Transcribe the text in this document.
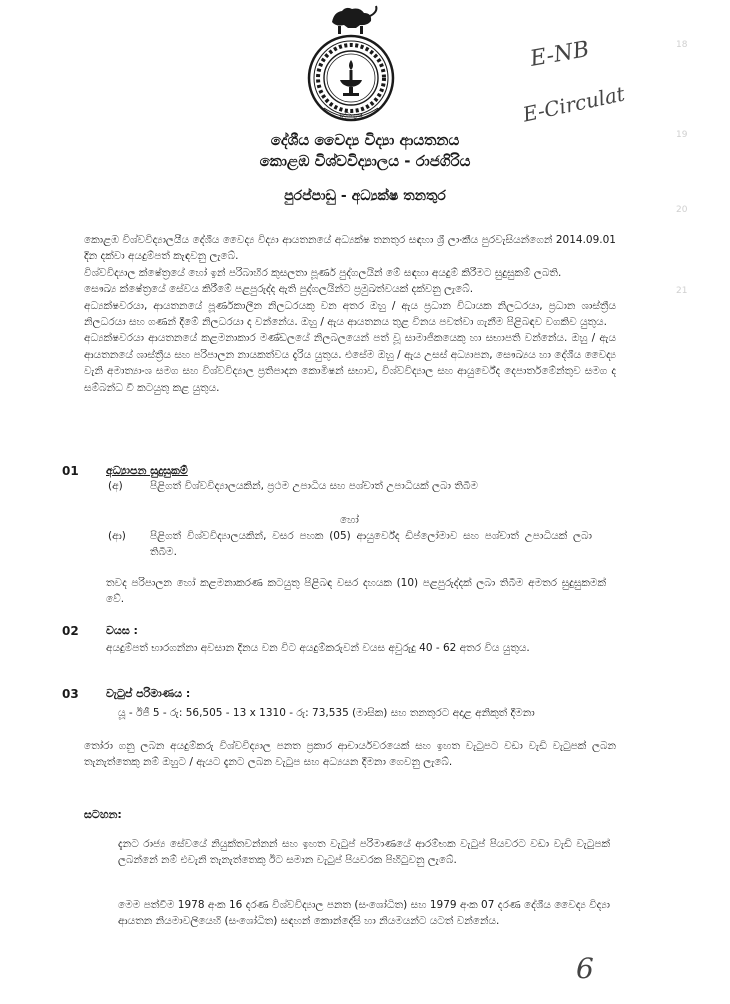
18
19
20
21
ශ්‍රද්ධා ප්‍රඥා
E-NB
E-Circulat
දේශීය වෛද්‍ය විද්‍යා ආයතනය
කොළඹ විශ්වවිද්‍යාලය - රාජගිරිය
පුරප්පාඩු - අධ්‍යක්ෂ තනතුර

කොළඹ විශ්වවිද්‍යාලයීය දේශීය වෛද්‍ය විද්‍යා ආයතනයේ අධ්‍යක්ෂ තනතුර සඳහා ශ්‍රී ලාංකීය පුරවැසියන්ගෙන් 2014.09.01 දින දක්වා අයදුම්පත් කැඳවනු ලැබේ.

විශ්වවිද්‍යාල ක්ෂේත්‍රයේ හෝ ඉන් පරිබාහිර කුසලතා පූර්ණ පුද්ගලයින් මේ සඳහා අයදුම් කිරීමට සුදුසුකම් ලබති.

සෞඛ්‍ය ක්ෂේත්‍රයේ සේවය කිරීමේ පළපුරුද්ද ඇති පුද්ගලයින්ට ප්‍රමුඛත්වයක් දක්වනු ලැබේ.

අධ්‍යක්ෂවරයා, ආයතනයේ පූර්ණකාලීන නිලධරයකු වන අතර ඔහු / ඇය ප්‍රධාන විධායක නිලධරයා, ප්‍රධාන ශාස්ත්‍රීය නිලධරයා සහ ගණන් දීමේ නිලධරයා ද වන්නේය. ඔහු / ඇය ආයතනය තුළ විනය පවත්වා ගැනීම පිළිබඳව වගකිව යුතුය.

අධ්‍යක්ෂවරයා ආයතනයේ කළමනාකාර මණ්ඩලයේ නිලබලයෙන් පත් වූ සාමාජිකයෙකු හා සභාපති වන්නේය. ඔහු / ඇය ආයතනයේ ශාස්ත්‍රීය සහ පරිපාලන නායකත්වය දැරිය යුතුය. එසේම ඔහු / ඇය උසස් අධ්‍යාපන, සෞඛ්‍යය හා දේශීය වෛද්‍ය වැනි අමාත්‍යාංශ සමග සහ විශ්වවිද්‍යාල ප්‍රතිපාදන කොමිෂන් සභාව, විශ්වවිද්‍යාල සහ ආයුර්වේද දෙපාර්තමේන්තුව සමග ද සම්බන්ධ වී කටයුතු කළ යුතුය.

01 අධ්‍යාපන සුදුසුකම්
(අ)	පිළිගත් විශ්වවිද්‍යාලයකින්, ප්‍රථම උපාධිය සහ පශ්චාත් උපාධියක් ලබා තිබීම
හෝ
(ආ) පිළිගත් විශ්වවිද්‍යාලයකින්, වසර පහක (05) ආයුර්වේද ඩිප්ලෝමාව සහ පශ්චාත් උපාධියක් ලබා තිබීම.
තවද පරිපාලන හෝ කළමනාකරණ කටයුතු පිළිබඳ වසර දහයක (10) පළපුරුද්දක් ලබා තිබීම අමතර සුදුසුකමක් වේ.
02 වයස :
අයදුම්පත් භාරගන්නා අවසාන දිනය වන විට අයදුම්කරුවන් වයස අවුරුදු 40 - 62 අතර විය යුතුය.
03 වැටුප් පරිමාණය :
යූ - ඊජී 5 - රු: 56,505 - 13 x 1310 - රු: 73,535 (මාසික) සහ තනතුරට අදාළ අනිකුත් දීමනා
තෝරා ගනු ලබන අයදුම්කරු විශ්වවිද්‍යාල පනත ප්‍රකාර ආචාර්යවරයෙක් සහ ඉහත වැටුපට වඩා වැඩි වැටුපක් ලබන තැනැත්තෙකු නම් ඔහුට / ඇයට දැනට ලබන වැටුප සහ අධ්‍යයන දීමනා ගෙවනු ලැබේ.
සටහන:
දැනට රාජ්‍ය සේවයේ නියුක්තවන්නන් සහ ඉහත වැටුප් පරිමාණයේ ආරම්භක වැටුප් පියවරට වඩා වැඩි වැටුපක් ලබන්නේ නම් එවැනි තැනැත්තෙකු ඊට සමාන වැටුප් පියවරක පිහිටුවනු ලැබේ.
මෙම පත්වීම 1978 අංක 16 දරණ විශ්වවිද්‍යාල පනත (සංශෝධිත) සහ 1979 අංක 07 දරණ දේශීය වෛද්‍ය විද්‍යා ආයතන නියමාවලියෙහි (සංශෝධිත) සඳහන් කොන්දේසි හා නියමයන්ට යටත් වන්නේය.
6
